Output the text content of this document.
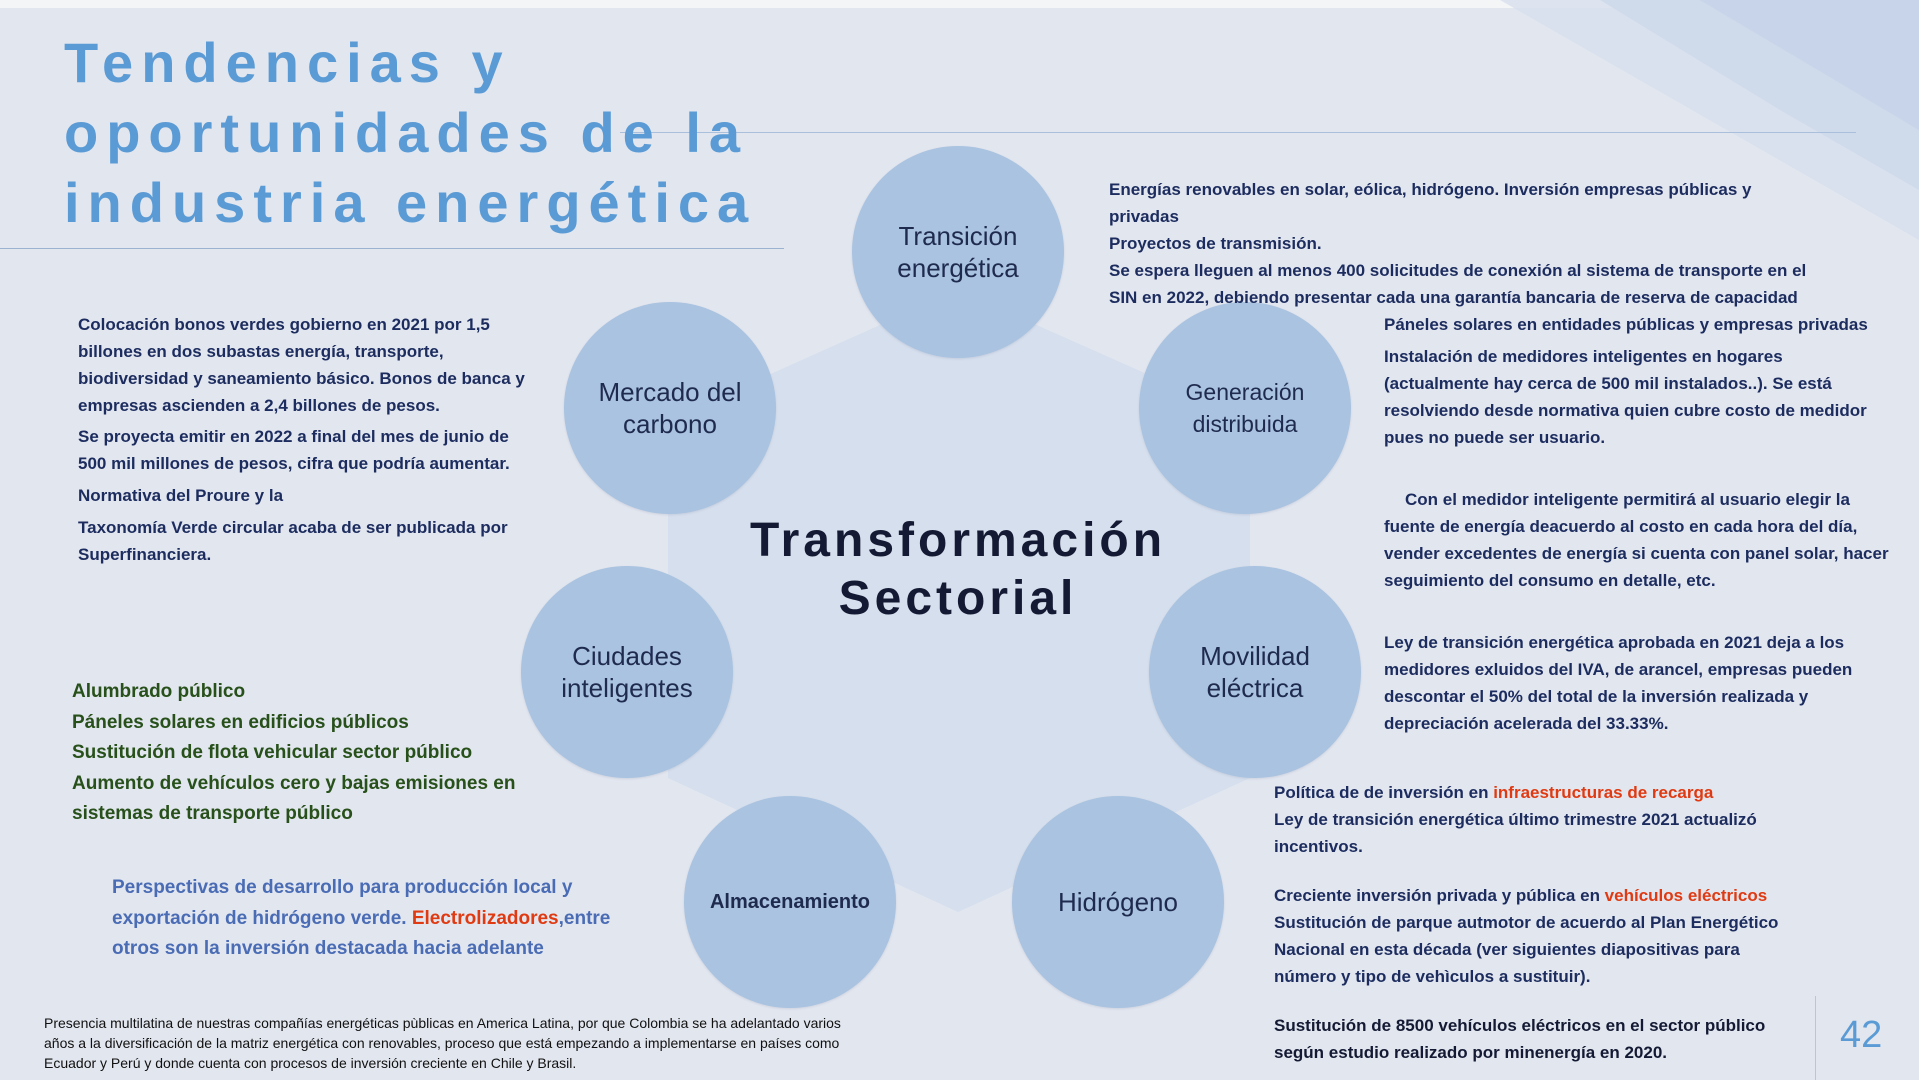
Tendencias y
oportunidades de la
industria energética
Transición
energética
Generación
distribuida
Movilidad
eléctrica
Hidrógeno
Almacenamiento
Ciudades
inteligentes
Mercado del
carbono
Transformación
Sectorial

Energías renovables en solar, eólica, hidrógeno. Inversión empresas públicas y privadas

Proyectos de transmisión.

Se espera lleguen al menos 400 solicitudes de conexión al sistema de transporte en el

SIN en 2022, debiendo presentar cada una garantía bancaria de reserva de capacidad

Páneles solares en entidades públicas y empresas privadas

Instalación de medidores inteligentes en hogares

(actualmente hay cerca de 500 mil instalados..). Se está

resolviendo desde normativa quien cubre costo de medidor

pues no puede ser usuario.

Con el medidor inteligente permitirá al usuario elegir la

fuente de energía deacuerdo al costo en cada hora del día,

vender excedentes de energía si cuenta con panel solar, hacer

seguimiento del consumo en detalle, etc.

Ley de transición energética aprobada en 2021 deja a los

medidores exluidos del IVA, de arancel, empresas pueden

descontar el 50% del total de la inversión realizada y

depreciación acelerada del 33.33%.

Política de de inversión en infraestructuras de recarga

Ley de transición energética último trimestre 2021 actualizó

incentivos.

Creciente inversión privada y pública en vehículos eléctricos

Sustitución de parque autmotor de acuerdo al Plan Energético

Nacional en esta década (ver siguientes diapositivas para

número y tipo de vehìculos a sustituir).

Sustitución de 8500 vehículos eléctricos en el sector público

según estudio realizado por minenergía en 2020.

Colocación bonos verdes gobierno en 2021 por 1,5

billones en dos subastas energía, transporte,

biodiversidad y saneamiento básico. Bonos de banca y

empresas ascienden a 2,4 billones de pesos.

Se proyecta emitir en 2022 a final del mes de junio de

500 mil millones de pesos, cifra que podría aumentar.

Normativa del Proure y la

Taxonomía Verde circular acaba de ser publicada por

Superfinanciera.

Alumbrado público

Páneles solares en edificios públicos

Sustitución de flota vehicular sector público

Aumento de vehículos cero y bajas emisiones en

sistemas de transporte público

Perspectivas de desarrollo para producción local y

exportación de hidrógeno verde. Electrolizadores,entre

otros son la inversión destacada hacia adelante

Presencia multilatina de nuestras compañías energéticas pùblicas en America Latina, por que Colombia se ha adelantado varios
años a la diversificación de la matriz energética con renovables, proceso que está empezando a implementarse en países como
Ecuador y Perú y donde cuenta con procesos de inversión creciente en Chile y Brasil.
42
